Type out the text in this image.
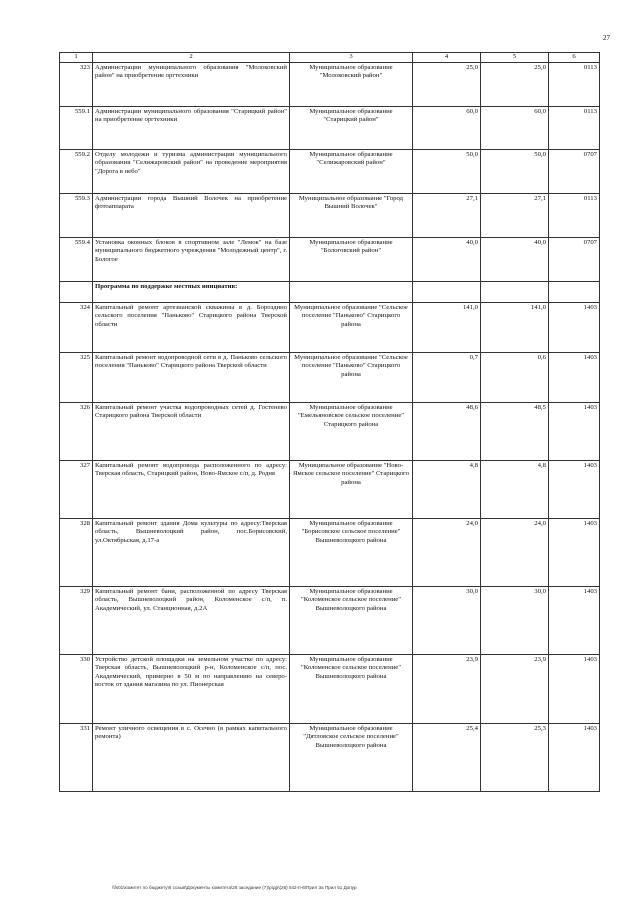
27
1	2	3	4	5	6
323	Администрации муниципального образования "Молоковский район" на приобретение оргтехники	Муниципальное образование "Молоковский район"	25,0	25,0	0113
559.1	Администрации муниципального образования "Старицкий район" на приобретение оргтехники	Муниципальное образование "Старицкий район"	60,0	60,0	0113
559.2	Отделу молодежи и туризма администрации муниципального образования "Селижаровский район" на проведение мероприятия "Дорога в небо"	Муниципальное образование "Селижаровский район"	50,0	50,0	0707
559.3	Администрации города Вышний Волочек на приобретение фотоаппарата	Муниципальное образование "Город Вышний Волочек"	27,1	27,1	0113
559.4	Установка оконных блоков в спортивном зале "Лемок" на базе муниципального бюджетного учреждения "Молодежный центр", г. Бологое	Муниципальное образование "Бологовский район"	40,0	40,0	0707
	Программа по поддержке местных инициатив:				
324	Капитальный ремонт артезианской скважины в д. Бороздино сельского поселения "Паньково" Старицкого района Тверской области	Муниципальное образование "Сельское поселение "Паньково" Старицкого района	141,0	141,0	1403
325	Капитальный ремонт водопроводной сети в д. Паньково сельского поселения "Паньково" Старицкого района Тверской области	Муниципальное образование "Сельское поселение "Паньково" Старицкого района	0,7	0,6	1403
326	Капитальный ремонт участка водопроводных сетей д. Гостенево Старицкого района Тверской области	Муниципальное образование "Емельяновское сельское поселение" Старицкого района	48,6	48,5	1403
327	Капитальный ремонт водопровода расположенного по адресу: Тверская область, Старицкий район, Ново-Ямское с/п, д. Родня	Муниципальное образование "Ново-Ямское сельское поселение" Старицкого района	4,8	4,8	1403
328	Капитальный ремонт здания Дома культуры по адресу:Тверская область, Вышневолоцкий район, пос.Борисовский, ул.Октябрьская, д.17-а	Муниципальное образование "Борисовское сельское поселение" Вышневолоцкого района	24,0	24,0	1403
329	Капитальный ремонт бани, расположенной по адресу Тверская область, Вышневолоцкий район, Коломенское с/п, п. Академический, ул. Станционная, д.2А	Муниципальное образование "Коломенское сельское поселение" Вышневолоцкого района	30,0	30,0	1403
330	Устройство детской площадки на земельном участке по адресу: Тверская область, Вышневолоцкий р-н, Коломенское с/п, пос. Академический, примерно в 50 м по направлению на северо-восток от здания магазина по ул. Пионерская	Муниципальное образование "Коломенское сельское поселение" Вышневолоцкого района	23,9	23,9	1403
331	Ремонт уличного освещения в с. Осечно (в рамках капитального ремонта)	Муниципальное образование "Дятловское сельское поселение" Вышневолоцкого района	25,4	25,3	1403
\\fs01\комитет по бюджету\6 созыв\Документы комитета\28 заседание (7)\р\др\(26) 542-II-6\Прил 3а Прил 51 Допур
